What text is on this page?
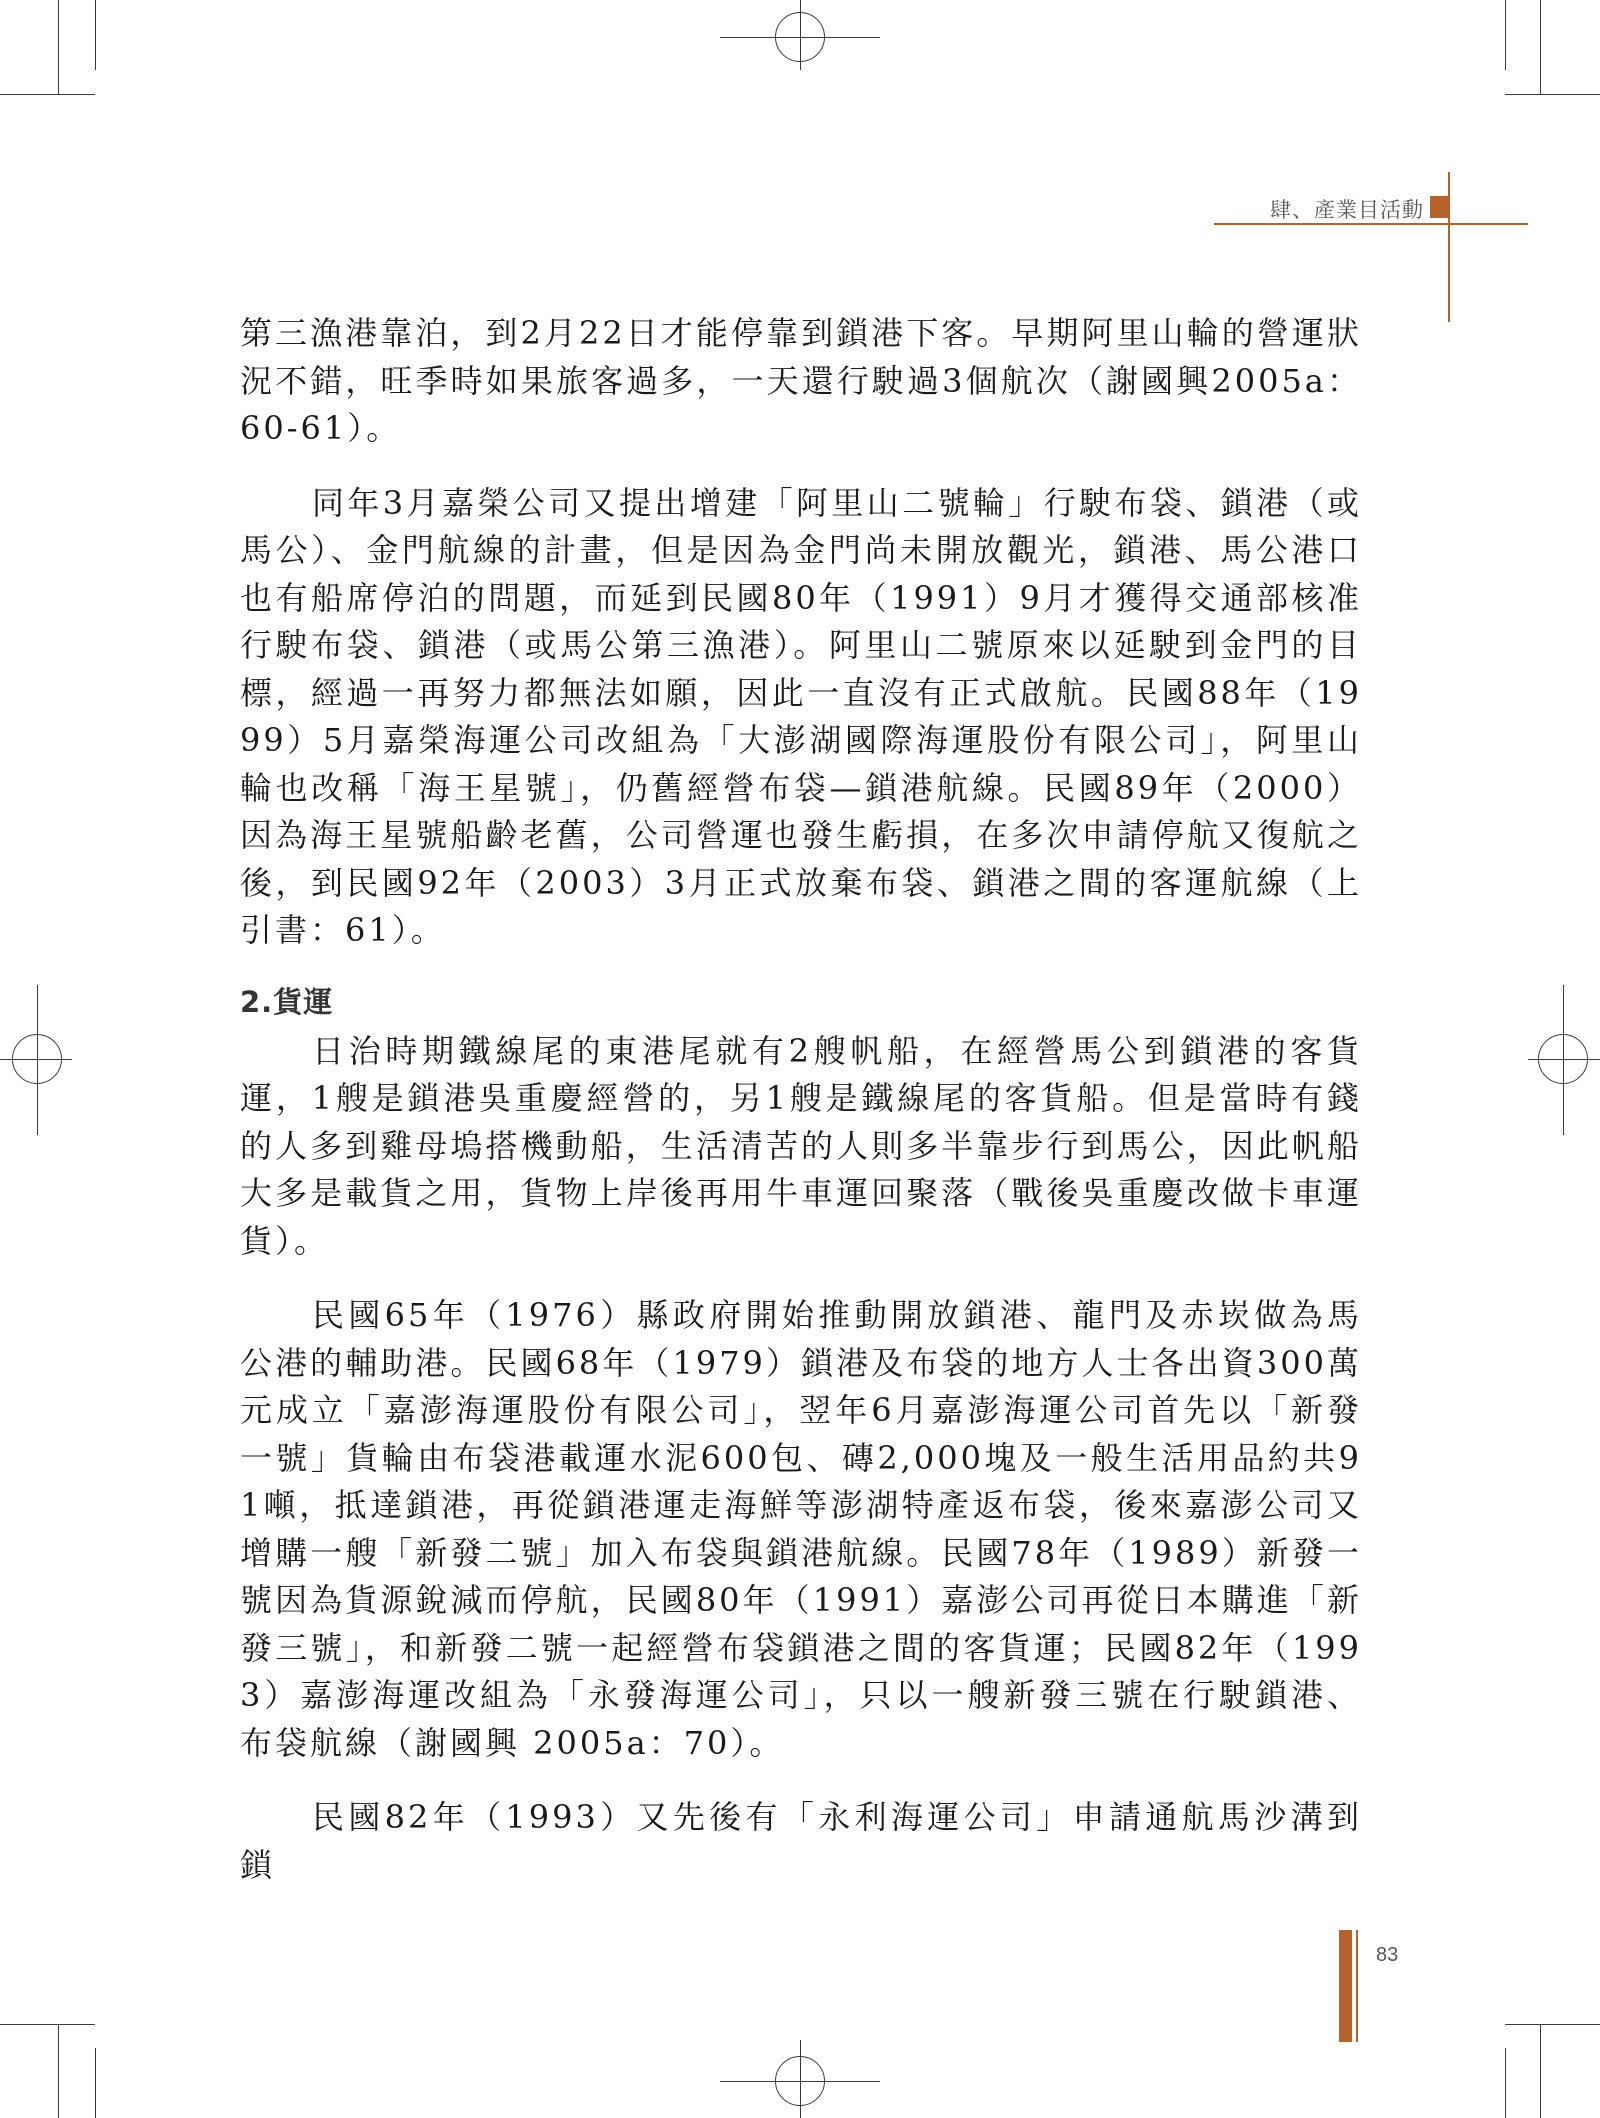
肆、產業目活動

第三漁港靠泊，到2月22日才能停靠到鎖港下客。早期阿里山輪的營運狀況不錯，旺季時如果旅客過多，一天還行駛過3個航次（謝國興2005a：60-61）。

同年3月嘉榮公司又提出增建「阿里山二號輪」行駛布袋、鎖港（或馬公）、金門航線的計畫，但是因為金門尚未開放觀光，鎖港、馬公港口也有船席停泊的問題，而延到民國80年（1991）9月才獲得交通部核准行駛布袋、鎖港（或馬公第三漁港）。阿里山二號原來以延駛到金門的目標，經過一再努力都無法如願，因此一直沒有正式啟航。民國88年（1999）5月嘉榮海運公司改組為「大澎湖國際海運股份有限公司」，阿里山輪也改稱「海王星號」，仍舊經營布袋—鎖港航線。民國89年（2000）因為海王星號船齡老舊，公司營運也發生虧損，在多次申請停航又復航之後，到民國92年（2003）3月正式放棄布袋、鎖港之間的客運航線（上引書：61）。

2.貨運

日治時期鐵線尾的東港尾就有2艘帆船，在經營馬公到鎖港的客貨運，1艘是鎖港吳重慶經營的，另1艘是鐵線尾的客貨船。但是當時有錢的人多到雞母塢搭機動船，生活清苦的人則多半靠步行到馬公，因此帆船大多是載貨之用，貨物上岸後再用牛車運回聚落（戰後吳重慶改做卡車運貨）。

民國65年（1976）縣政府開始推動開放鎖港、龍門及赤崁做為馬公港的輔助港。民國68年（1979）鎖港及布袋的地方人士各出資300萬元成立「嘉澎海運股份有限公司」，翌年6月嘉澎海運公司首先以「新發一號」貨輪由布袋港載運水泥600包、磚2,000塊及一般生活用品約共91噸，抵達鎖港，再從鎖港運走海鮮等澎湖特產返布袋，後來嘉澎公司又增購一艘「新發二號」加入布袋與鎖港航線。民國78年（1989）新發一號因為貨源銳減而停航，民國80年（1991）嘉澎公司再從日本購進「新發三號」，和新發二號一起經營布袋鎖港之間的客貨運；民國82年（1993）嘉澎海運改組為「永發海運公司」，只以一艘新發三號在行駛鎖港、布袋航線（謝國興 2005a：70）。

民國82年（1993）又先後有「永利海運公司」申請通航馬沙溝到鎖

83
